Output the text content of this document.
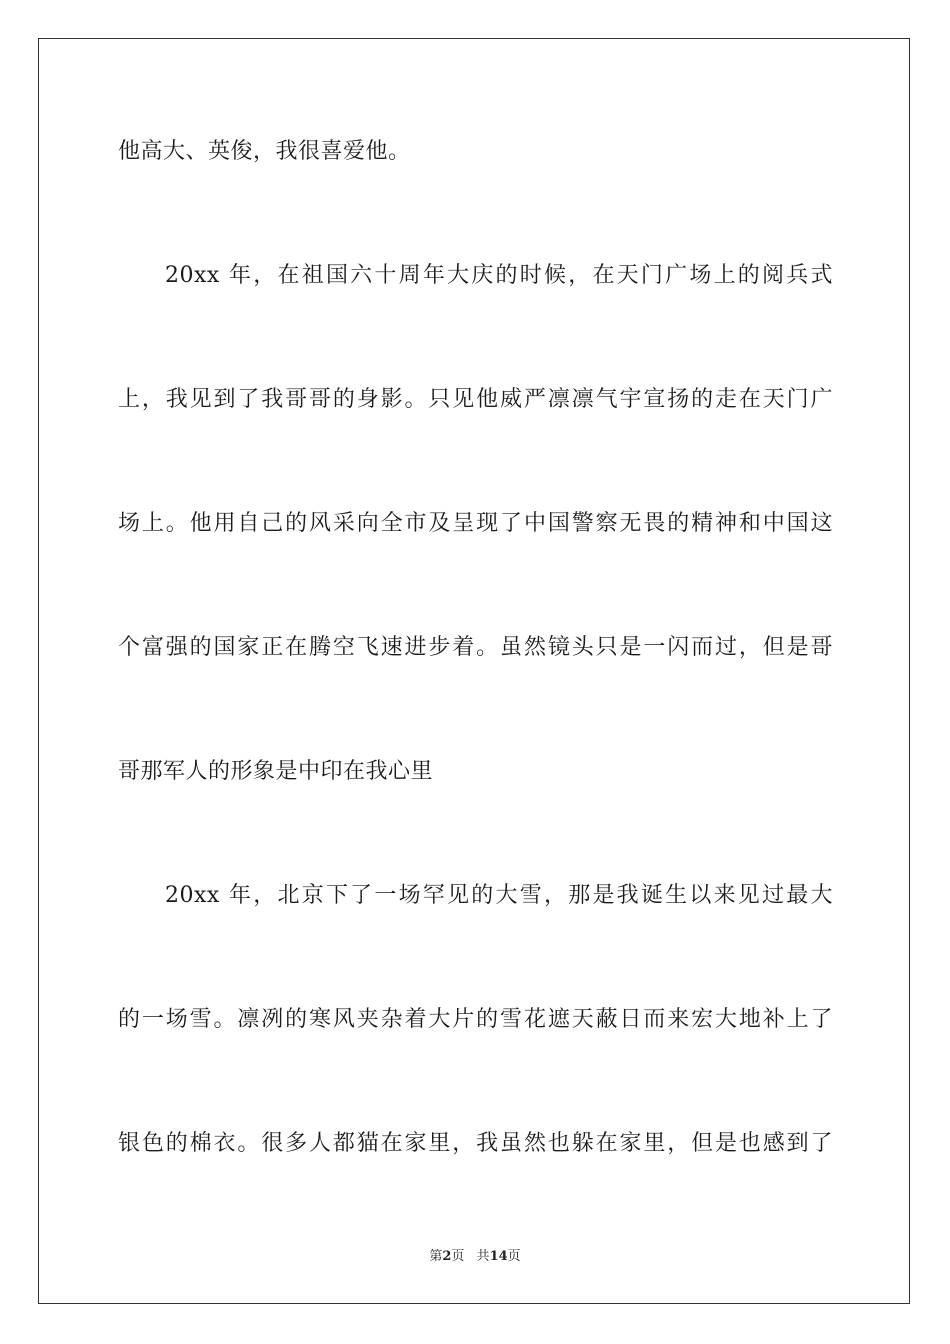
他高大、英俊，我很喜爱他。
20xx 年，在祖国六十周年大庆的时候，在天门广场上的阅兵式
上，我见到了我哥哥的身影。只见他威严凛凛气宇宣扬的走在天门广
场上。他用自己的风采向全市及呈现了中国警察无畏的精神和中国这
个富强的国家正在腾空飞速进步着。虽然镜头只是一闪而过，但是哥
哥那军人的形象是中印在我心里
20xx 年，北京下了一场罕见的大雪，那是我诞生以来见过最大
的一场雪。凛冽的寒风夹杂着大片的雪花遮天蔽日而来宏大地补上了
银色的棉衣。很多人都猫在家里，我虽然也躲在家里，但是也感到了
第2页 共14页
